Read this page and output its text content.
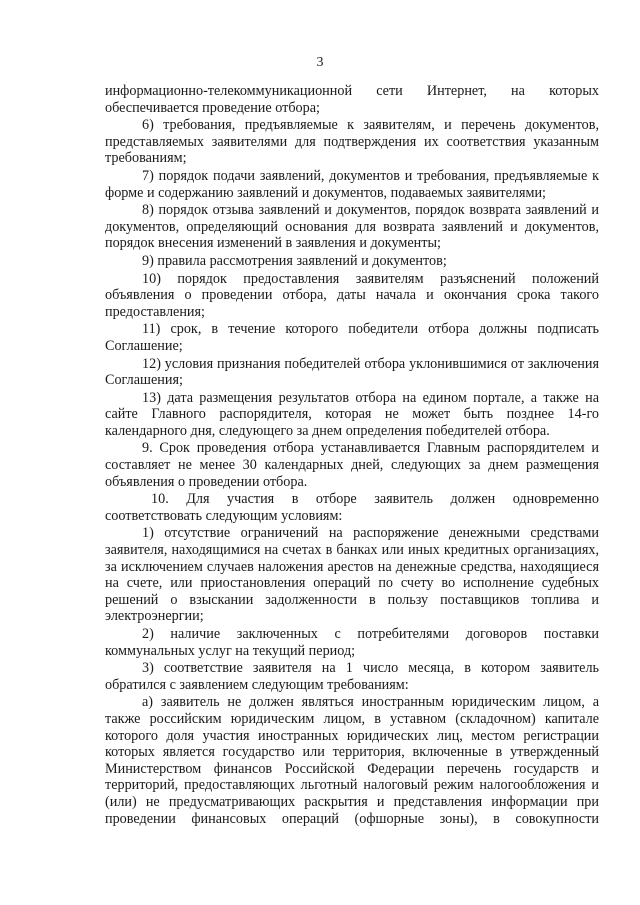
3

информационно-телекоммуникационной сети Интернет, на которых обеспечивается проведение отбора;

6) требования, предъявляемые к заявителям, и перечень документов, представляемых заявителями для подтверждения их соответствия указанным требованиям;

7) порядок подачи заявлений, документов и требования, предъявляемые к форме и содержанию заявлений и документов, подаваемых заявителями;

8) порядок отзыва заявлений и документов, порядок возврата заявлений и документов, определяющий основания для возврата заявлений и документов, порядок внесения изменений в заявления и документы;

9) правила рассмотрения заявлений и документов;

10) порядок предоставления заявителям разъяснений положений объявления о проведении отбора, даты начала и окончания срока такого предоставления;

11) срок, в течение которого победители отбора должны подписать Соглашение;

12) условия признания победителей отбора уклонившимися от заключения Соглашения;

13) дата размещения результатов отбора на едином портале, а также на сайте Главного распорядителя, которая не может быть позднее 14-го календарного дня, следующего за днем определения победителей отбора.

9. Срок проведения отбора устанавливается Главным распорядителем и составляет не менее 30 календарных дней, следующих за днем размещения объявления о проведении отбора.

10. Для участия в отборе заявитель должен одновременно соответствовать следующим условиям:

1) отсутствие ограничений на распоряжение денежными средствами заявителя, находящимися на счетах в банках или иных кредитных организациях, за исключением случаев наложения арестов на денежные средства, находящиеся на счете, или приостановления операций по счету во исполнение судебных решений о взыскании задолженности в пользу поставщиков топлива и электроэнергии;

2) наличие заключенных с потребителями договоров поставки коммунальных услуг на текущий период;

3) соответствие заявителя на 1 число месяца, в котором заявитель обратился с заявлением следующим требованиям:

а) заявитель не должен являться иностранным юридическим лицом, а также российским юридическим лицом, в уставном (складочном) капитале которого доля участия иностранных юридических лиц, местом регистрации которых является государство или территория, включенные в утвержденный Министерством финансов Российской Федерации перечень государств и территорий, предоставляющих льготный налоговый режим налогообложения и (или) не предусматривающих раскрытия и представления информации при проведении финансовых операций (офшорные зоны), в совокупности
